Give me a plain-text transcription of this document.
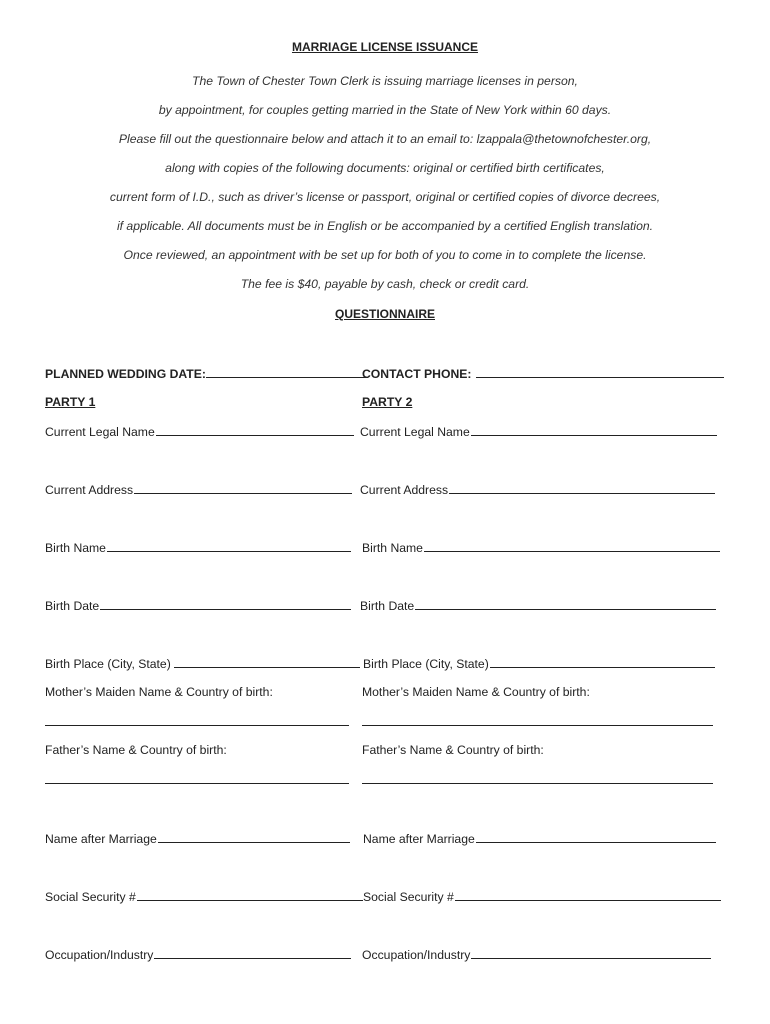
MARRIAGE LICENSE ISSUANCE
The Town of Chester Town Clerk is issuing marriage licenses in person,
by appointment, for couples getting married in the State of New York within 60 days.
Please fill out the questionnaire below and attach it to an email to: lzappala@thetownofchester.org,
along with copies of the following documents: original or certified birth certificates,
current form of I.D., such as driver’s license or passport, original or certified copies of divorce decrees,
if applicable. All documents must be in English or be accompanied by a certified English translation.
Once reviewed, an appointment with be set up for both of you to come in to complete the license.
The fee is $40, payable by cash, check or credit card.
QUESTIONNAIRE
PLANNED WEDDING DATE:	CONTACT PHONE:
PARTY 1	PARTY 2
Current Legal Name	Current Legal Name
Current Address	Current Address
Birth Name	Birth Name
Birth Date	Birth Date
Birth Place (City, State)	Birth Place (City, State)
Mother’s Maiden Name & Country of birth:	Mother’s Maiden Name & Country of birth:
Father’s Name & Country of birth:	Father’s Name & Country of birth:
Name after Marriage	Name after Marriage
Social Security #	Social Security #
Occupation/Industry	Occupation/Industry
